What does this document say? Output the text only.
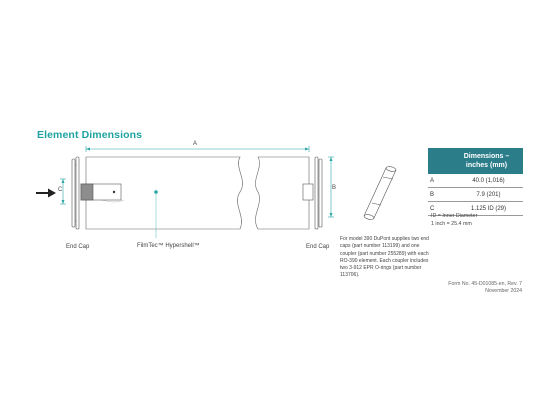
Element Dimensions
A
C	B
End Cap	End Cap
FilmTec™ Hypershell™
For model 390 DuPont supplies two end caps (part number 113199) and one coupler (part number 255289) with each RO-390 element. Each coupler includes two 3-912 EPR O-rings (part number 113706).
Dimensions – inches (mm)	

A	40.0 (1,016)
B	7.9 (201)
C	1.125 ID (29)
ID = Inner Diameter
1 inch = 25.4 mm
Form No. 45-D01085-en, Rev. 7
November 2024
